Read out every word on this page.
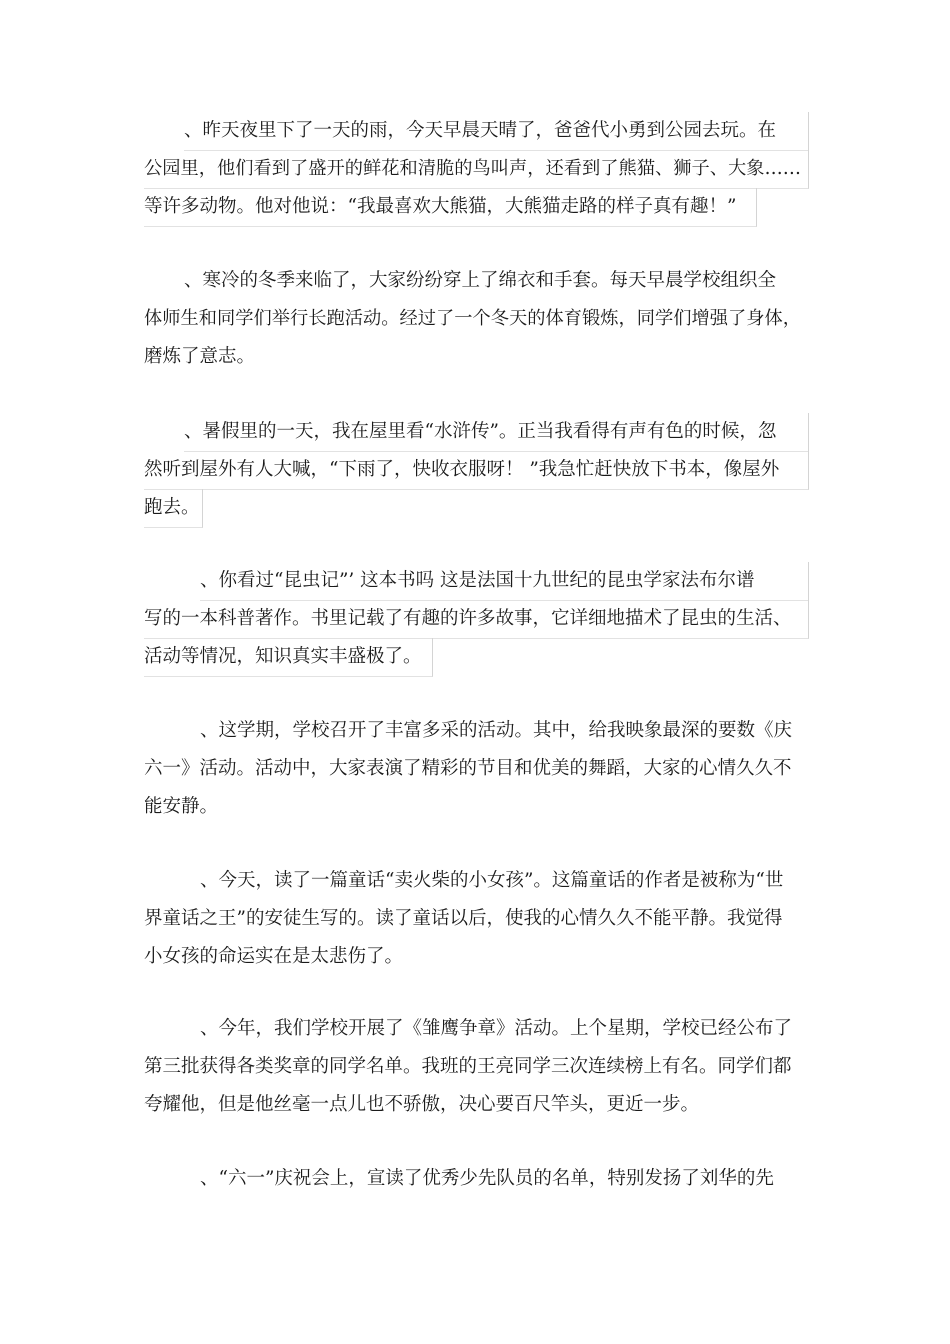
、昨天夜里下了一天的雨，今天早晨天晴了，爸爸代小勇到公园去玩。在
公园里，他们看到了盛开的鲜花和清脆的鸟叫声，还看到了熊猫、狮子、大象……
等许多动物。他对他说：“我最喜欢大熊猫，大熊猫走路的样子真有趣！”
、寒冷的冬季来临了，大家纷纷穿上了绵衣和手套。每天早晨学校组织全
体师生和同学们举行长跑活动。经过了一个冬天的体育锻炼，同学们增强了身体，
磨炼了意志。
、暑假里的一天，我在屋里看“水浒传”。正当我看得有声有色的时候，忽
然听到屋外有人大喊，“下雨了，快收衣服呀！ ”我急忙赶快放下书本，像屋外
跑去。
、你看过“昆虫记”’ 这本书吗 这是法国十九世纪的昆虫学家法布尔谱
写的一本科普著作。书里记载了有趣的许多故事，它详细地描术了昆虫的生活、
活动等情况，知识真实丰盛极了。
、这学期，学校召开了丰富多采的活动。其中，给我映象最深的要数《庆
六一》活动。活动中，大家表演了精彩的节目和优美的舞蹈，大家的心情久久不
能安静。
、今天，读了一篇童话“卖火柴的小女孩”。这篇童话的作者是被称为“世
界童话之王”的安徒生写的。读了童话以后，使我的心情久久不能平静。我觉得
小女孩的命运实在是太悲伤了。
、今年，我们学校开展了《雏鹰争章》活动。上个星期，学校已经公布了
第三批获得各类奖章的同学名单。我班的王亮同学三次连续榜上有名。同学们都
夸耀他，但是他丝毫一点儿也不骄傲，决心要百尺竿头，更近一步。
、“六一”庆祝会上，宣读了优秀少先队员的名单，特别发扬了刘华的先
